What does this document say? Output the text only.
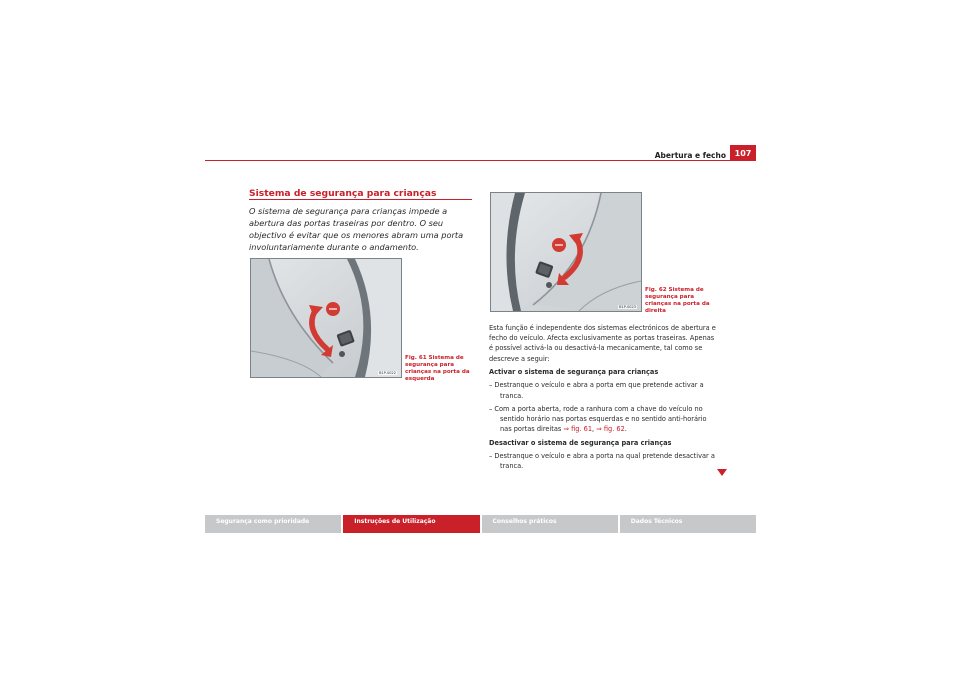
Abertura e fecho	107
Sistema de segurança para crianças
O sistema de segurança para crianças impede a abertura das portas traseiras por dentro. O seu objectivo é evitar que os menores abram uma porta involuntariamente durante o andamento.
B1P-0022
Fig. 61 Sistema de segurança para crianças na porta da esquerda
B1P-0023
Fig. 62 Sistema de segurança para crianças na porta da direita

Esta função é independente dos sistemas electrónicos de abertura e fecho do veículo. Afecta exclusivamente as portas traseiras. Apenas é possível activá-la ou desactivá-la mecanicamente, tal como se descreve a seguir:

Activar o sistema de segurança para crianças

– Destranque o veículo e abra a porta em que pretende activar a tranca.

– Com a porta aberta, rode a ranhura com a chave do veículo no sentido horário nas portas esquerdas e no sentido anti-horário nas portas direitas ⇒ fig. 61, ⇒ fig. 62.

Desactivar o sistema de segurança para crianças

– Destranque o veículo e abra a porta na qual pretende desactivar a tranca.

Segurança como prioridade	Instruções de Utilização	Conselhos práticos	Dados Técnicos
